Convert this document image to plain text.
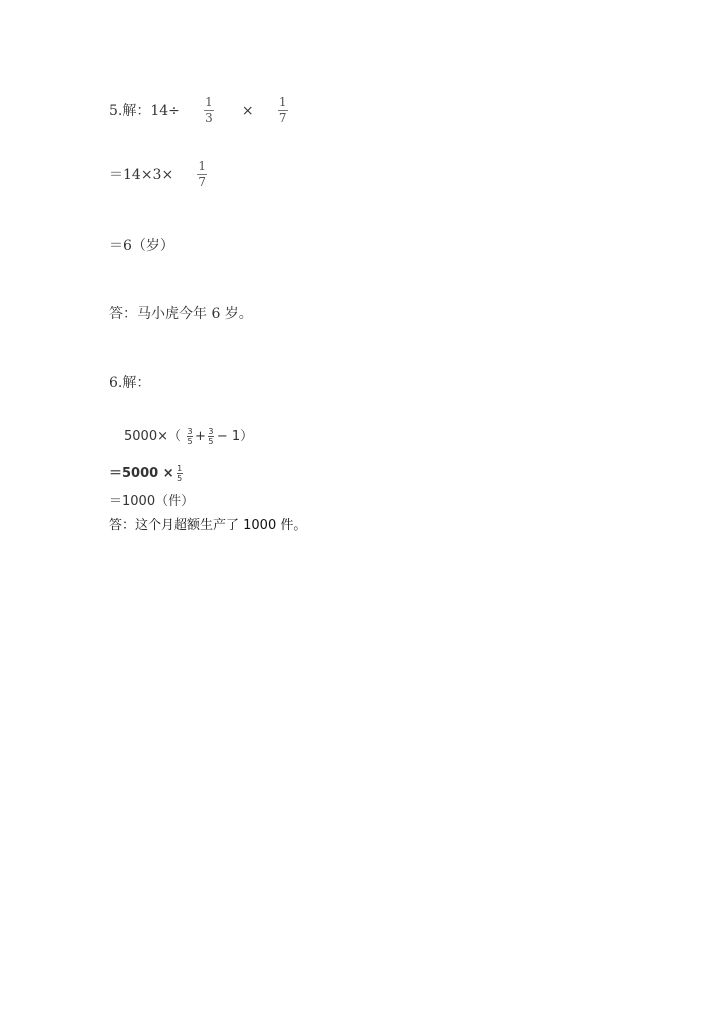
5.解： $14\div \frac{1}{3} \times \frac{1}{7}$
$=14\times 3\times \frac{1}{7}$
＝6（岁）
答：马小虎今年 6 岁。
6.解：
$5000\times( \frac{3}{5} + \frac{3}{5} - 1)$
$=5000 \times \frac{1}{5}$
＝1000（件）
答：这个月超额生产了 1000 件。
